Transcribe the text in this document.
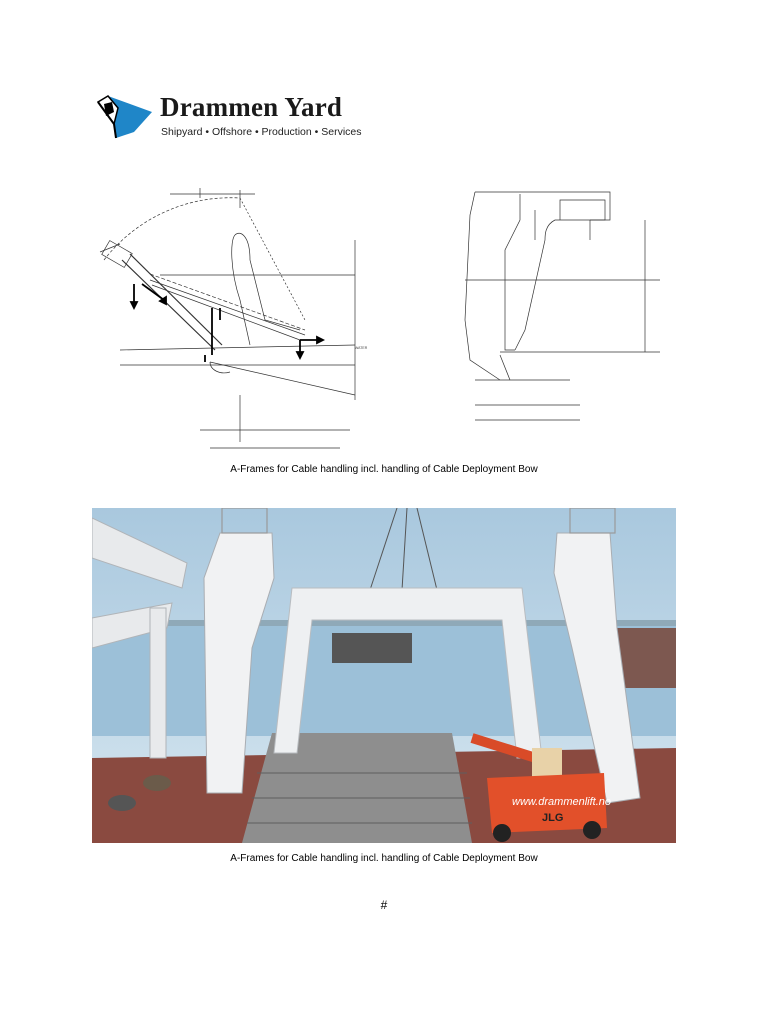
Drammen Yard
Shipyard • Offshore • Production • Services
WATER
A-Frames for Cable handling incl. handling of Cable Deployment Bow
www.drammenlift.no
JLG
A-Frames for Cable handling incl. handling of Cable Deployment Bow
#
